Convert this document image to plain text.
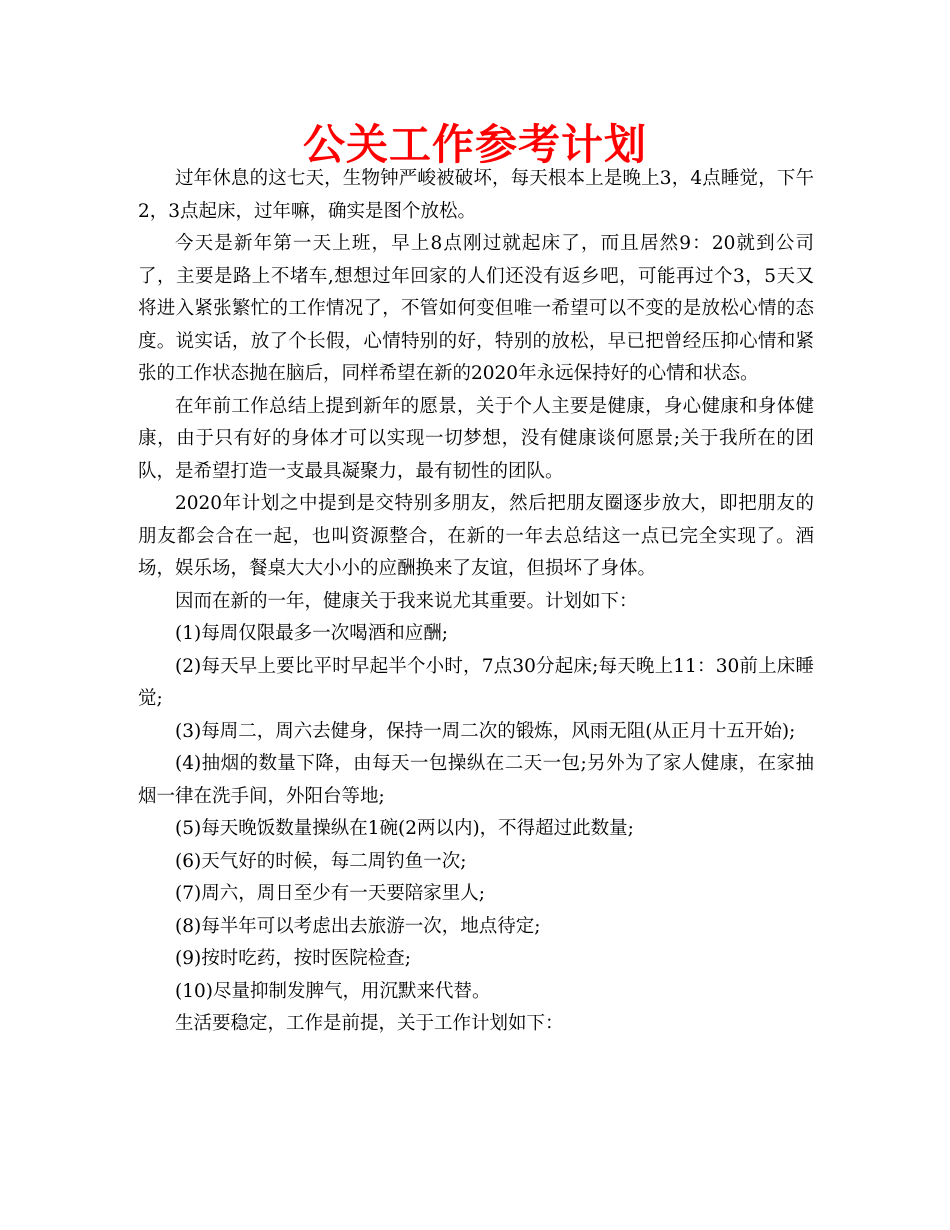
公关工作参考计划

过年休息的这七天，生物钟严峻被破坏，每天根本上是晚上3，4点睡觉，下午2，3点起床，过年嘛，确实是图个放松。

今天是新年第一天上班，早上8点刚过就起床了，而且居然9：20就到公司了，主要是路上不堵车,想想过年回家的人们还没有返乡吧，可能再过个3，5天又将进入紧张繁忙的工作情况了，不管如何变但唯一希望可以不变的是放松心情的态度。说实话，放了个长假，心情特别的好，特别的放松，早已把曾经压抑心情和紧张的工作状态抛在脑后，同样希望在新的2020年永远保持好的心情和状态。

在年前工作总结上提到新年的愿景，关于个人主要是健康，身心健康和身体健康，由于只有好的身体才可以实现一切梦想，没有健康谈何愿景;关于我所在的团队，是希望打造一支最具凝聚力，最有韧性的团队。

2020年计划之中提到是交特别多朋友，然后把朋友圈逐步放大，即把朋友的朋友都会合在一起，也叫资源整合，在新的一年去总结这一点已完全实现了。酒场，娱乐场，餐桌大大小小的应酬换来了友谊，但损坏了身体。

因而在新的一年，健康关于我来说尤其重要。计划如下：

(1)每周仅限最多一次喝酒和应酬;

(2)每天早上要比平时早起半个小时，7点30分起床;每天晚上11：30前上床睡觉;

(3)每周二，周六去健身，保持一周二次的锻炼，风雨无阻(从正月十五开始);

(4)抽烟的数量下降，由每天一包操纵在二天一包;另外为了家人健康，在家抽烟一律在洗手间，外阳台等地;

(5)每天晚饭数量操纵在1碗(2两以内)，不得超过此数量;

(6)天气好的时候，每二周钓鱼一次;

(7)周六，周日至少有一天要陪家里人;

(8)每半年可以考虑出去旅游一次，地点待定;

(9)按时吃药，按时医院检查;

(10)尽量抑制发脾气，用沉默来代替。

生活要稳定，工作是前提，关于工作计划如下：
